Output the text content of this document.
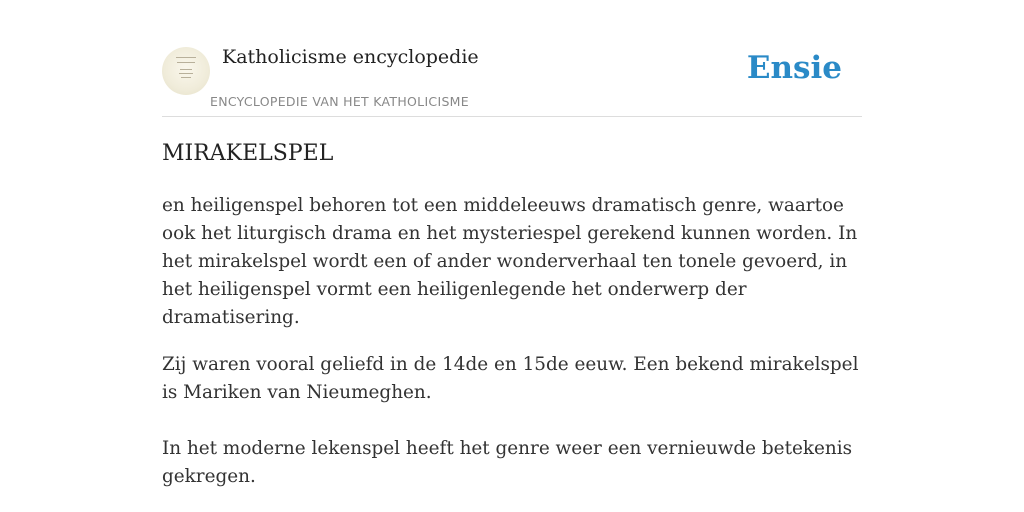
Katholicisme encyclopedie
ENCYCLOPEDIE VAN HET KATHOLICISME
Ensie
MIRAKELSPEL

en heiligenspel behoren tot een middeleeuws dramatisch genre, waartoe ook het liturgisch drama en het mysteriespel gerekend kunnen worden. In het mirakelspel wordt een of ander wonderverhaal ten tonele gevoerd, in het heiligenspel vormt een heiligenlegende het onderwerp der dramatisering.

Zij waren vooral geliefd in de 14de en 15de eeuw. Een bekend mirakelspel is Mariken van Nieumeghen.

In het moderne lekenspel heeft het genre weer een vernieuwde betekenis gekregen.
